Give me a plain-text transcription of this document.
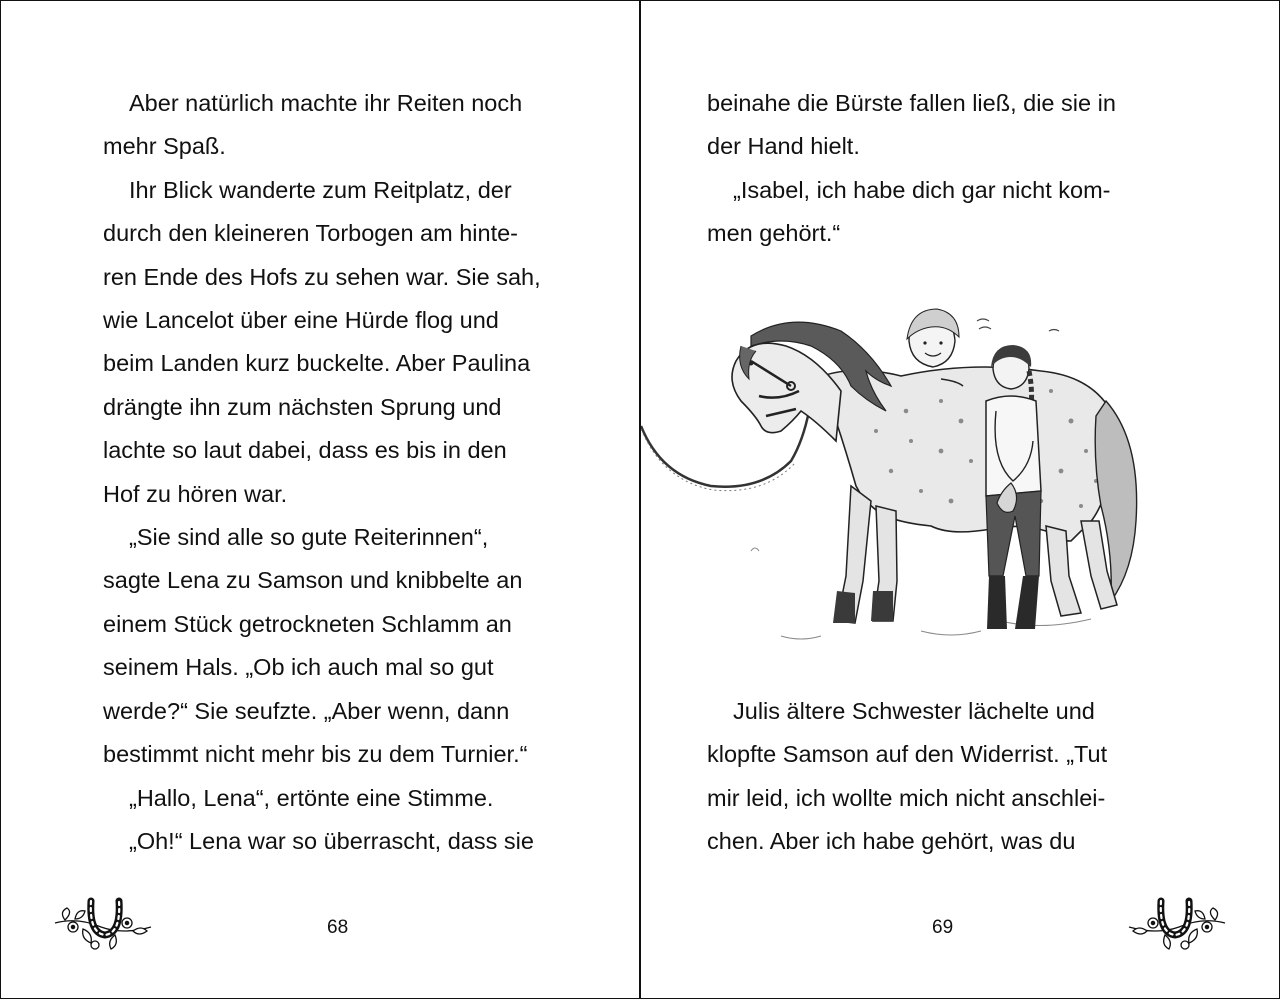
Aber natürlich machte ihr Reiten noch
mehr Spaß.
Ihr Blick wanderte zum Reitplatz, der
durch den kleineren Torbogen am hinte-
ren Ende des Hofs zu sehen war. Sie sah,
wie Lancelot über eine Hürde flog und
beim Landen kurz buckelte. Aber Paulina
drängte ihn zum nächsten Sprung und
lachte so laut dabei, dass es bis in den
Hof zu hören war.
„Sie sind alle so gute Reiterinnen“,
sagte Lena zu Samson und knibbelte an
einem Stück getrockneten Schlamm an
seinem Hals. „Ob ich auch mal so gut
werde?“ Sie seufzte. „Aber wenn, dann
bestimmt nicht mehr bis zu dem Turnier.“
„Hallo, Lena“, ertönte eine Stimme.
„Oh!“ Lena war so überrascht, dass sie
68
beinahe die Bürste fallen ließ, die sie in
der Hand hielt.
„Isabel, ich habe dich gar nicht kom-
men gehört.“
Julis ältere Schwester lächelte und
klopfte Samson auf den Widerrist. „Tut
mir leid, ich wollte mich nicht anschlei-
chen. Aber ich habe gehört, was du
69
